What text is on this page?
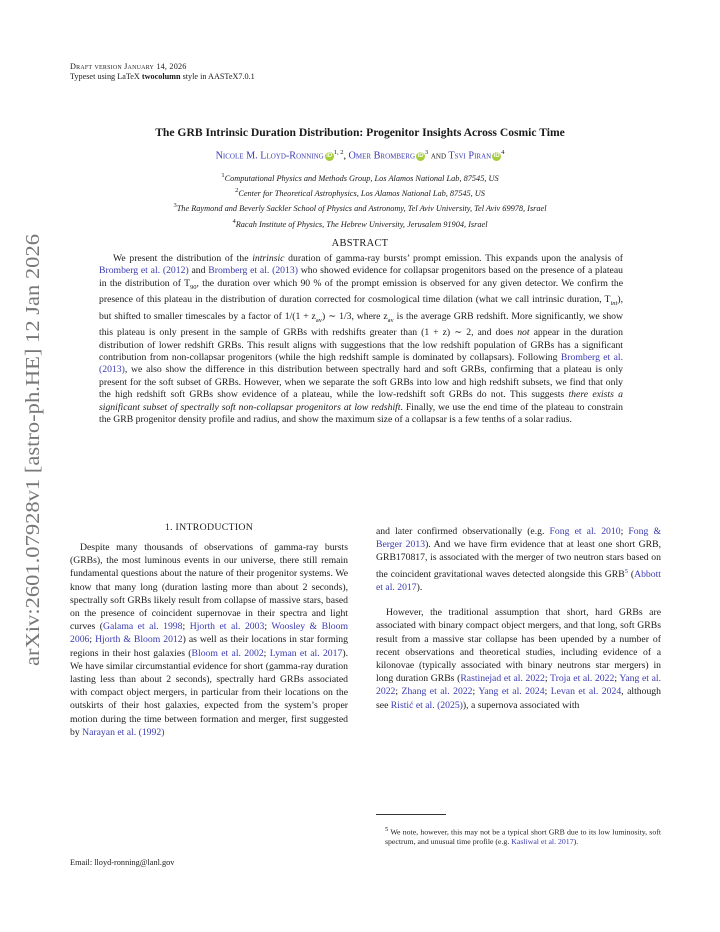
arXiv:2601.07928v1 [astro-ph.HE] 12 Jan 2026
Draft version January 14, 2026
Typeset using LaTeX twocolumn style in AASTeX7.0.1
The GRB Intrinsic Duration Distribution: Progenitor Insights Across Cosmic Time
Nicole M. Lloyd-Ronning iD$^{1, 2}$, Omer Bromberg $iD^3$ and Tsvi Piran $iD^4$
$^1$Computational Physics and Methods Group, Los Alamos National Lab, 87545, US
$^2$Center for Theoretical Astrophysics, Los Alamos National Lab, 87545, US
$^3$The Raymond and Beverly Sackler School of Physics and Astronomy, Tel Aviv University, Tel Aviv 69978, Israel
$^4$Racah Institute of Physics, The Hebrew University, Jerusalem 91904, Israel
ABSTRACT

We present the distribution of the intrinsic duration of gamma-ray bursts’ prompt emission. This expands upon the analysis of Bromberg et al. (2012) and Bromberg et al. (2013) who showed evidence for collapsar progenitors based on the presence of a plateau in the distribution of $T_{90}$, the duration over which 90 % of the prompt emission is observed for any given detector. We confirm the presence of this plateau in the distribution of duration corrected for cosmological time dilation (what we call intrinsic duration, $T_{int}$), but shifted to smaller timescales by a factor of $1/(1 + z_{av})$ ∼ 1/3, where $z_{av}$ is the average GRB redshift. More significantly, we show this plateau is only present in the sample of GRBs with redshifts greater than (1 + z) ∼ 2, and does not appear in the duration distribution of lower redshift GRBs. This result aligns with suggestions that the low redshift population of GRBs has a significant contribution from non-collapsar progenitors (while the high redshift sample is dominated by collapsars). Following Bromberg et al. (2013), we also show the difference in this distribution between spectrally hard and soft GRBs, confirming that a plateau is only present for the soft subset of GRBs. However, when we separate the soft GRBs into low and high redshift subsets, we find that only the high redshift soft GRBs show evidence of a plateau, while the low-redshift soft GRBs do not. This suggests there exists a significant subset of spectrally soft non-collapsar progenitors at low redshift. Finally, we use the end time of the plateau to constrain the GRB progenitor density profile and radius, and show the maximum size of a collapsar is a few tenths of a solar radius.

1. INTRODUCTION

Despite many thousands of observations of gamma-ray bursts (GRBs), the most luminous events in our universe, there still remain fundamental questions about the nature of their progenitor systems. We know that many long (duration lasting more than about 2 seconds), spectrally soft GRBs likely result from collapse of massive stars, based on the presence of coincident supernovae in their spectra and light curves (Galama et al. 1998; Hjorth et al. 2003; Woosley & Bloom 2006; Hjorth & Bloom 2012) as well as their locations in star forming regions in their host galaxies (Bloom et al. 2002; Lyman et al. 2017). We have similar circumstantial evidence for short (gamma-ray duration lasting less than about 2 seconds), spectrally hard GRBs associated with compact object mergers, in particular from their locations on the outskirts of their host galaxies, expected from the system’s proper motion during the time between formation and merger, first suggested by Narayan et al. (1992)

and later confirmed observationally (e.g. Fong et al. 2010; Fong & Berger 2013). And we have firm evidence that at least one short GRB, GRB170817, is associated with the merger of two neutron stars based on the coincident gravitational waves detected alongside this GRB$^5$ (Abbott et al. 2017).

However, the traditional assumption that short, hard GRBs are associated with binary compact object mergers, and that long, soft GRBs result from a massive star collapse has been upended by a number of recent observations and theoretical studies, including evidence of a kilonovae (typically associated with binary neutrons star mergers) in long duration GRBs (Rastinejad et al. 2022; Troja et al. 2022; Yang et al. 2022; Zhang et al. 2022; Yang et al. 2024; Levan et al. 2024, although see Ristić et al. (2025)), a supernova associated with

$^5$ We note, however, this may not be a typical short GRB due to its low luminosity, soft spectrum, and unusual time profile (e.g. Kasliwal et al. 2017).
Email: lloyd-ronning@lanl.gov
